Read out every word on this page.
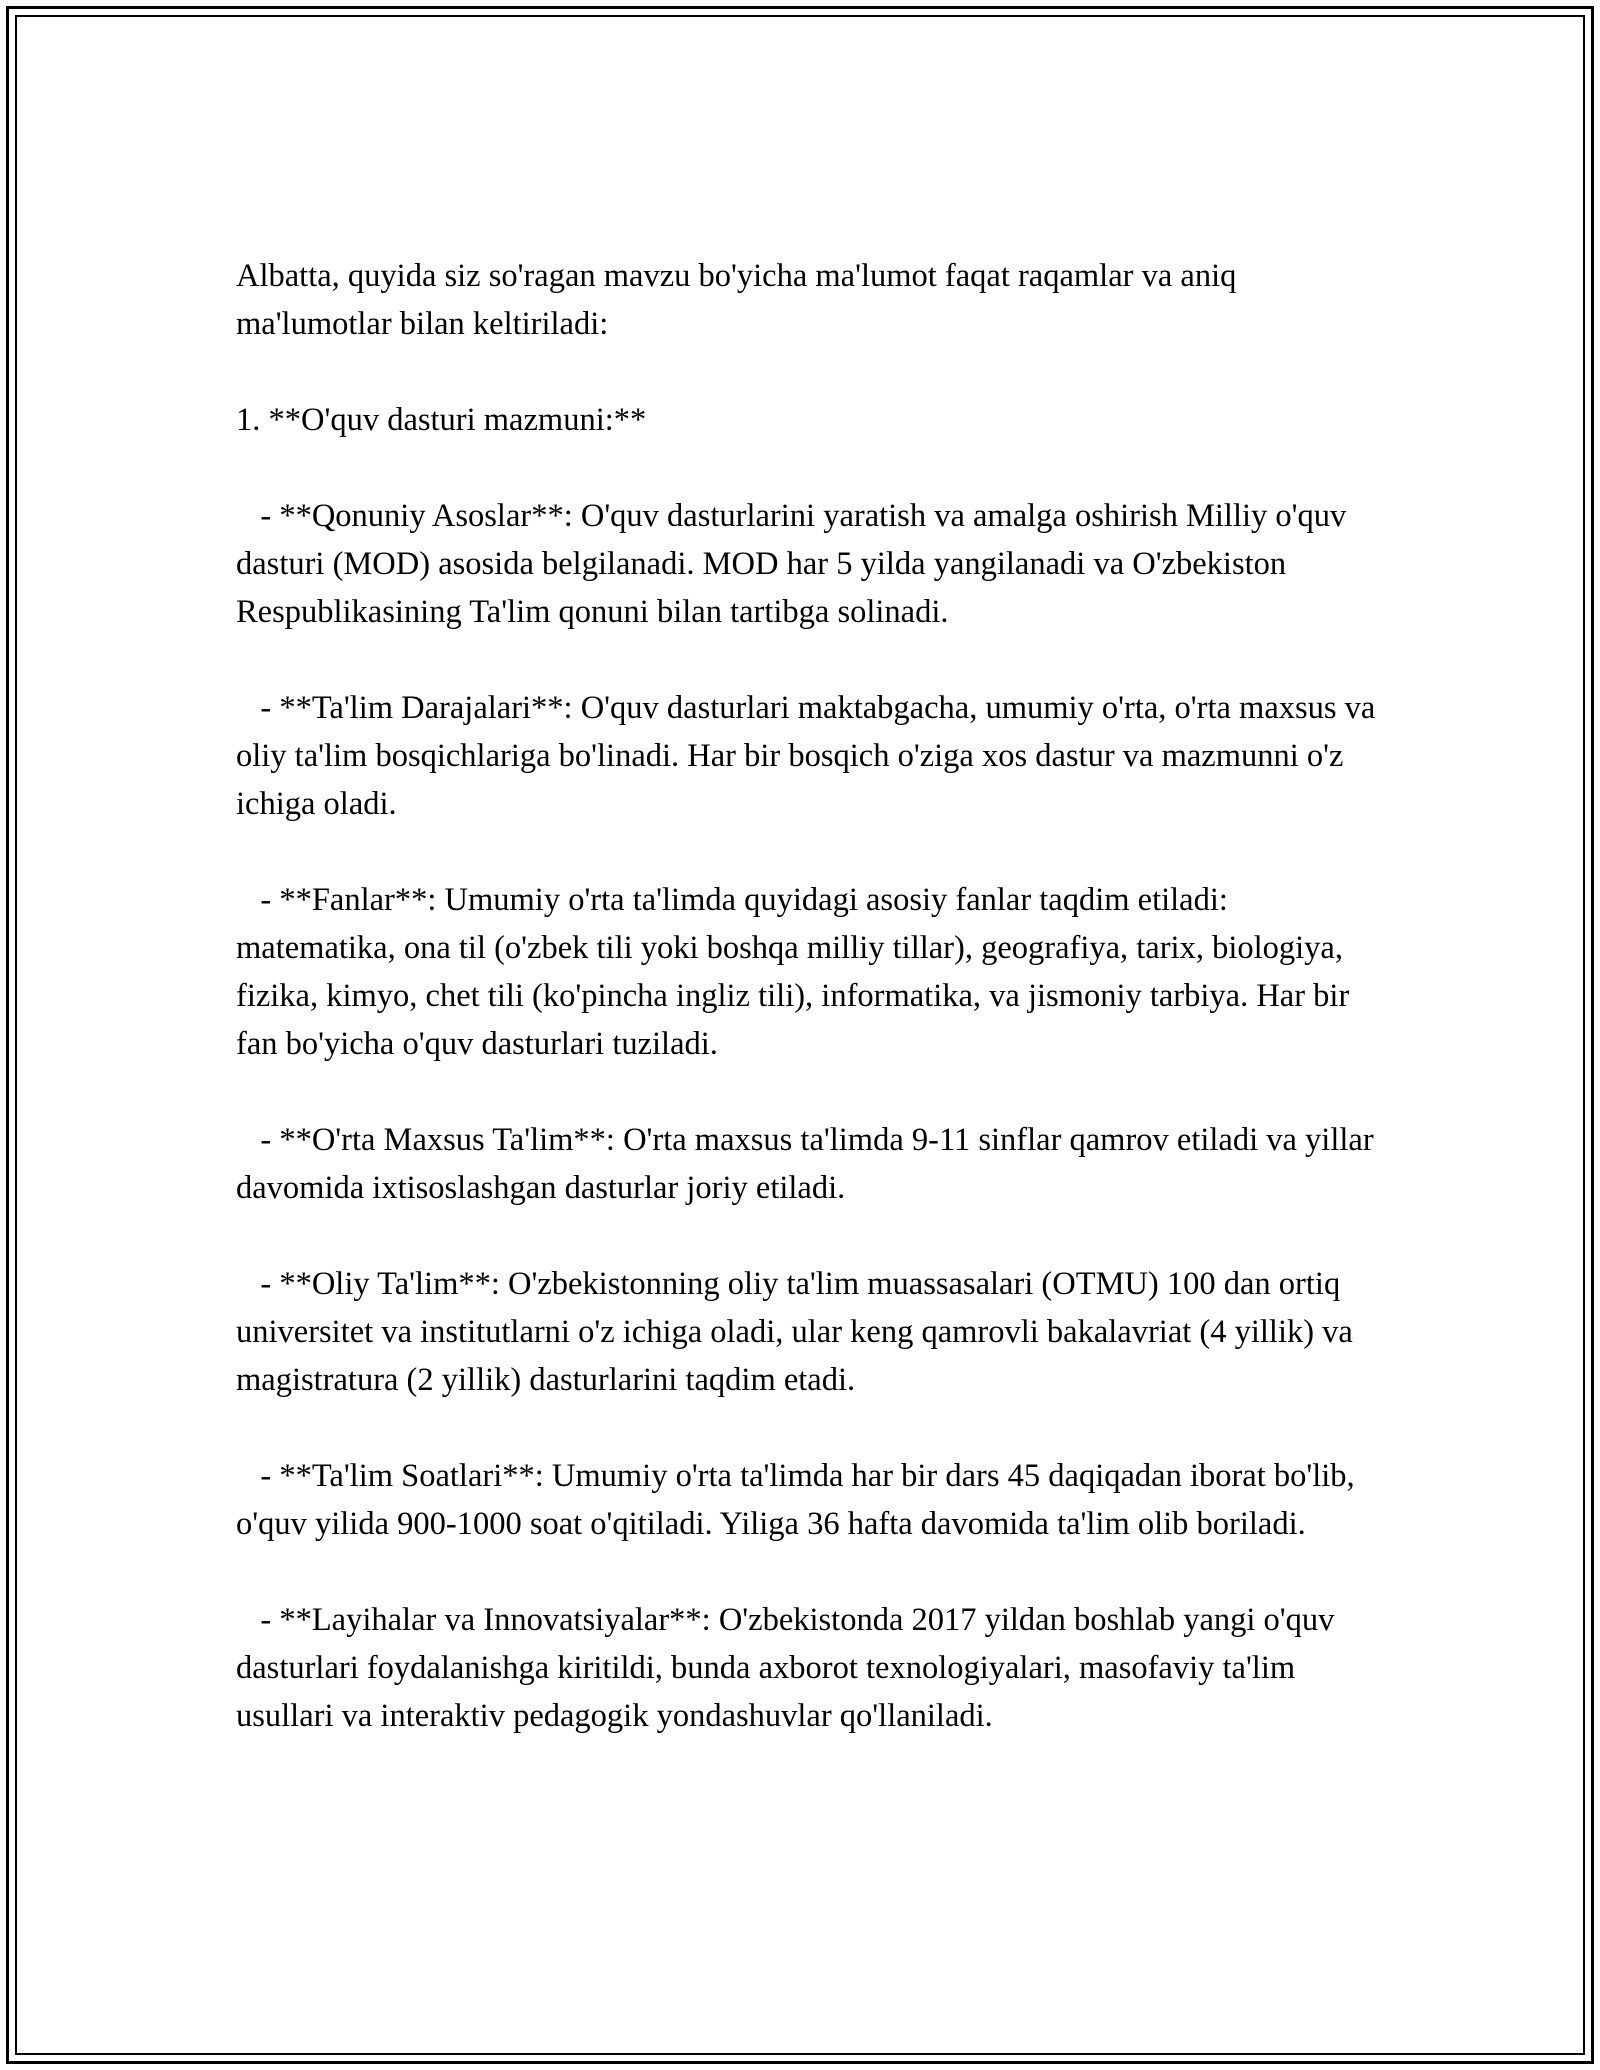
Albatta, quyida siz so'ragan mavzu bo'yicha ma'lumot faqat raqamlar va aniq ma'lumotlar bilan keltiriladi:

1. **O'quv dasturi mazmuni:**

- **Qonuniy Asoslar**: O'quv dasturlarini yaratish va amalga oshirish Milliy o'quv dasturi (MOD) asosida belgilanadi. MOD har 5 yilda yangilanadi va O'zbekiston Respublikasining Ta'lim qonuni bilan tartibga solinadi.

- **Ta'lim Darajalari**: O'quv dasturlari maktabgacha, umumiy o'rta, o'rta maxsus va oliy ta'lim bosqichlariga bo'linadi. Har bir bosqich o'ziga xos dastur va mazmunni o'z ichiga oladi.

- **Fanlar**: Umumiy o'rta ta'limda quyidagi asosiy fanlar taqdim etiladi: matematika, ona til (o'zbek tili yoki boshqa milliy tillar), geografiya, tarix, biologiya, fizika, kimyo, chet tili (ko'pincha ingliz tili), informatika, va jismoniy tarbiya. Har bir fan bo'yicha o'quv dasturlari tuziladi.

- **O'rta Maxsus Ta'lim**: O'rta maxsus ta'limda 9-11 sinflar qamrov etiladi va yillar davomida ixtisoslashgan dasturlar joriy etiladi.

- **Oliy Ta'lim**: O'zbekistonning oliy ta'lim muassasalari (OTMU) 100 dan ortiq universitet va institutlarni o'z ichiga oladi, ular keng qamrovli bakalavriat (4 yillik) va magistratura (2 yillik) dasturlarini taqdim etadi.

- **Ta'lim Soatlari**: Umumiy o'rta ta'limda har bir dars 45 daqiqadan iborat bo'lib, o'quv yilida 900-1000 soat o'qitiladi. Yiliga 36 hafta davomida ta'lim olib boriladi.

- **Layihalar va Innovatsiyalar**: O'zbekistonda 2017 yildan boshlab yangi o'quv dasturlari foydalanishga kiritildi, bunda axborot texnologiyalari, masofaviy ta'lim usullari va interaktiv pedagogik yondashuvlar qo'llaniladi.
